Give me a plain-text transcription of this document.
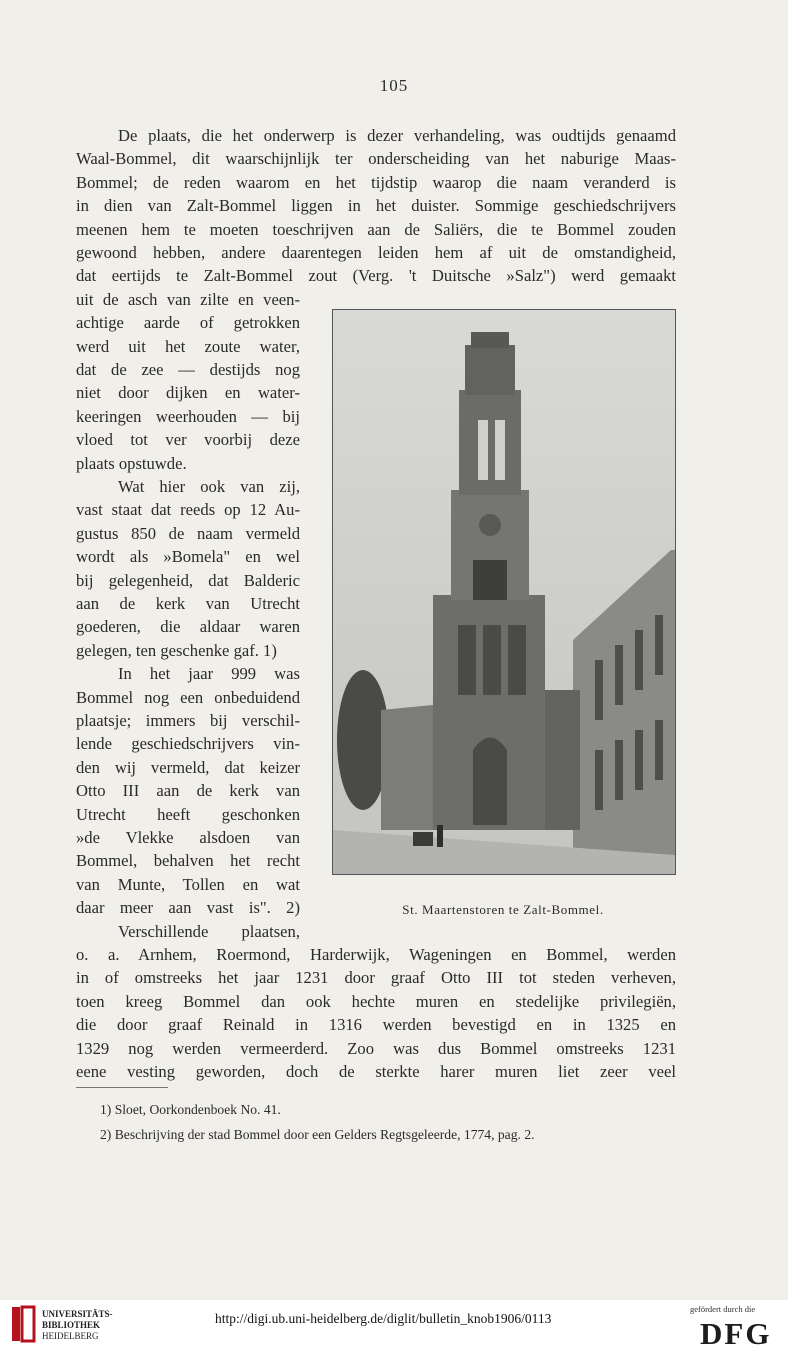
105
De plaats, die het onderwerp is dezer verhandeling, was oudtijds genaamd
Waal-Bommel, dit waarschijnlijk ter onderscheiding van het naburige Maas-
Bommel; de reden waarom en het tijdstip waarop die naam veranderd is
in dien van Zalt-Bommel liggen in het duister. Sommige geschiedschrijvers
meenen hem te moeten toeschrijven aan de Saliërs, die te Bommel zouden
gewoond hebben, andere daarentegen leiden hem af uit de omstandigheid,
dat eertijds te Zalt-Bommel zout (Verg. 't Duitsche »Salz") werd gemaakt
uit de asch van zilte en veen-
achtige aarde of getrokken
werd uit het zoute water,
dat de zee — destijds nog
niet door dijken en water-
keeringen weerhouden — bij
vloed tot ver voorbij deze
plaats opstuwde.
Wat hier ook van zij,
vast staat dat reeds op 12 Au-
gustus 850 de naam vermeld
wordt als »Bomela" en wel
bij gelegenheid, dat Balderic
aan de kerk van Utrecht
goederen, die aldaar waren
gelegen, ten geschenke gaf. 1)
In het jaar 999 was
Bommel nog een onbeduidend
plaatsje; immers bij verschil-
lende geschiedschrijvers vin-
den wij vermeld, dat keizer
Otto III aan de kerk van
Utrecht heeft geschonken
»de Vlekke alsdoen van
Bommel, behalven het recht
van Munte, Tollen en wat
daar meer aan vast is". 2)
Verschillende plaatsen,
o. a. Arnhem, Roermond, Harderwijk, Wageningen en Bommel, werden
in of omstreeks het jaar 1231 door graaf Otto III tot steden verheven,
toen kreeg Bommel dan ook hechte muren en stedelijke privilegiën,
die door graaf Reinald in 1316 werden bevestigd en in 1325 en
1329 nog werden vermeerderd. Zoo was dus Bommel omstreeks 1231
eene vesting geworden, doch de sterkte harer muren liet zeer veel
St. Maartenstoren te Zalt-Bommel.
1) Sloet, Oorkondenboek No. 41.
2) Beschrijving der stad Bommel door een Gelders Regtsgeleerde, 1774, pag. 2.
UNIVERSITÄTS-
BIBLIOTHEK
HEIDELBERG
http://digi.ub.uni-heidelberg.de/diglit/bulletin_knob1906/0113
gefördert durch die
DFG
